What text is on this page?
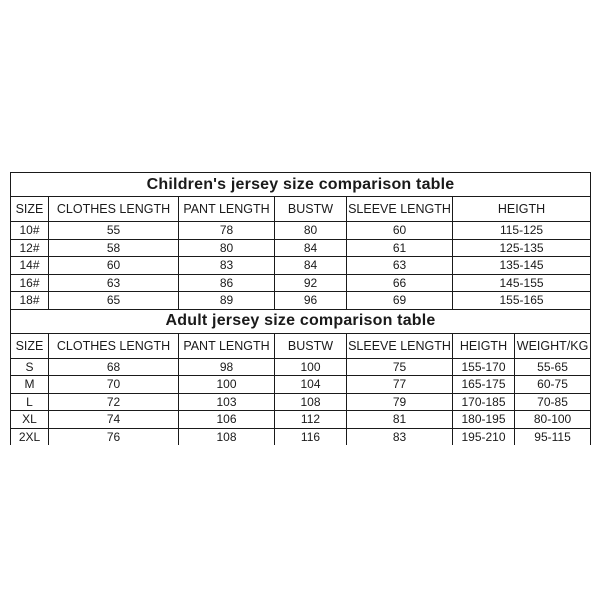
Children's jersey size comparison table						
SIZE	CLOTHES LENGTH	PANT LENGTH	BUSTW	SLEEVE LENGTH	HEIGTH	
10#	55	78	80	60	115-125	
12#	58	80	84	61	125-135	
14#	60	83	84	63	135-145	
16#	63	86	92	66	145-155	
18#	65	89	96	69	155-165	
Adult jersey size comparison table						
SIZE	CLOTHES LENGTH	PANT LENGTH	BUSTW	SLEEVE LENGTH	HEIGTH	WEIGHT/KG
S	68	98	100	75	155-170	55-65
M	70	100	104	77	165-175	60-75
L	72	103	108	79	170-185	70-85
XL	74	106	112	81	180-195	80-100
2XL	76	108	116	83	195-210	95-115
